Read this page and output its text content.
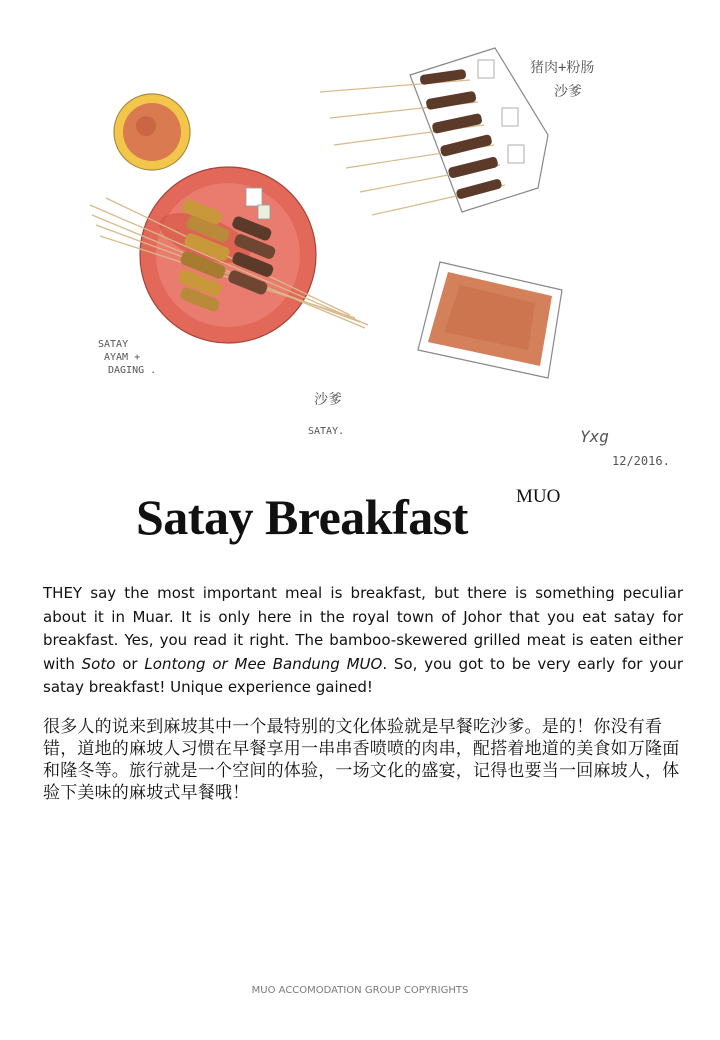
猪肉+粉肠
沙爹
SATAY
AYAM +
DAGING .
沙爹
SATAY.	Yxg
12/2016.
Satay Breakfast	MUO

THEY say the most important meal is breakfast, but there is something peculiar about it in Muar. It is only here in the royal town of Johor that you eat satay for breakfast. Yes, you read it right. The bamboo-skewered grilled meat is eaten either with Soto or Lontong or Mee Bandung MUO. So, you got to be very early for your satay breakfast! Unique experience gained!

很多人的说来到麻坡其中一个最特别的文化体验就是早餐吃沙爹。是的！你没有看错，道地的麻坡人习惯在早餐享用一串串香喷喷的肉串，配搭着地道的美食如万隆面和隆冬等。旅行就是一个空间的体验，一场文化的盛宴，记得也要当一回麻坡人，体验下美味的麻坡式早餐哦！

MUO ACCOMODATION GROUP COPYRIGHTS
